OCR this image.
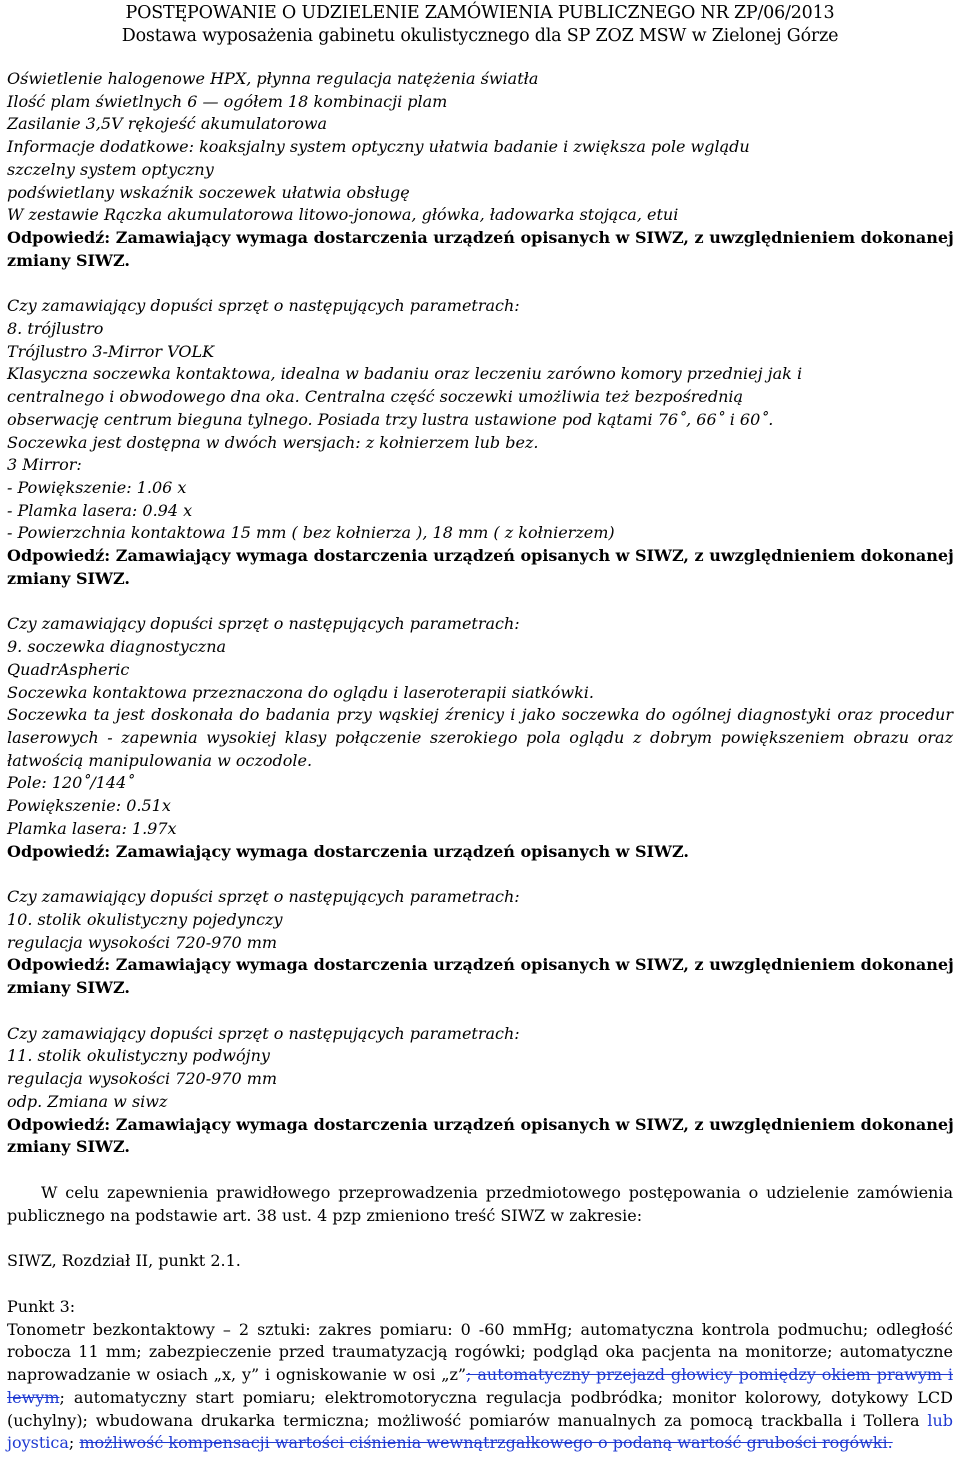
POSTĘPOWANIE O UDZIELENIE ZAMÓWIENIA PUBLICZNEGO NR ZP/06/2013
Dostawa wyposażenia gabinetu okulistycznego dla SP ZOZ MSW w Zielonej Górze
Oświetlenie halogenowe HPX, płynna regulacja natężenia światła
Ilość plam świetlnych 6 — ogółem 18 kombinacji plam
Zasilanie 3,5V rękojeść akumulatorowa
Informacje dodatkowe: koaksjalny system optyczny ułatwia badanie i zwiększa pole wglądu
szczelny system optyczny
podświetlany wskaźnik soczewek ułatwia obsługę
W zestawie Rączka akumulatorowa litowo-jonowa, główka, ładowarka stojąca, etui
Odpowiedź: Zamawiający wymaga dostarczenia urządzeń opisanych w SIWZ, z uwzględnieniem dokonanej
zmiany SIWZ.
Czy zamawiający dopuści sprzęt o następujących parametrach:
8. trójlustro
Trójlustro 3-Mirror VOLK
Klasyczna soczewka kontaktowa, idealna w badaniu oraz leczeniu zarówno komory przedniej jak i
centralnego i obwodowego dna oka. Centralna część soczewki umożliwia też bezpośrednią
obserwację centrum bieguna tylnego. Posiada trzy lustra ustawione pod kątami 76˚, 66˚ i 60˚.
Soczewka jest dostępna w dwóch wersjach: z kołnierzem lub bez.
3 Mirror:
- Powiększenie: 1.06 x
- Plamka lasera: 0.94 x
- Powierzchnia kontaktowa 15 mm ( bez kołnierza ), 18 mm ( z kołnierzem)
Odpowiedź: Zamawiający wymaga dostarczenia urządzeń opisanych w SIWZ, z uwzględnieniem dokonanej
zmiany SIWZ.
Czy zamawiający dopuści sprzęt o następujących parametrach:
9. soczewka diagnostyczna
QuadrAspheric
Soczewka kontaktowa przeznaczona do oglądu i laseroterapii siatkówki.
Soczewka ta jest doskonała do badania przy wąskiej źrenicy i jako soczewka do ogólnej diagnostyki oraz procedur laserowych - zapewnia wysokiej klasy połączenie szerokiego pola oglądu z dobrym powiększeniem obrazu oraz łatwością manipulowania w oczodole.
Pole: 120˚/144˚
Powiększenie: 0.51x
Plamka lasera: 1.97x
Odpowiedź: Zamawiający wymaga dostarczenia urządzeń opisanych w SIWZ.
Czy zamawiający dopuści sprzęt o następujących parametrach:
10. stolik okulistyczny pojedynczy
regulacja wysokości 720-970 mm
Odpowiedź: Zamawiający wymaga dostarczenia urządzeń opisanych w SIWZ, z uwzględnieniem dokonanej
zmiany SIWZ.
Czy zamawiający dopuści sprzęt o następujących parametrach:
11. stolik okulistyczny podwójny
regulacja wysokości 720-970 mm
odp. Zmiana w siwz
Odpowiedź: Zamawiający wymaga dostarczenia urządzeń opisanych w SIWZ, z uwzględnieniem dokonanej
zmiany SIWZ.
W celu zapewnienia prawidłowego przeprowadzenia przedmiotowego postępowania o udzielenie zamówienia publicznego na podstawie art. 38 ust. 4 pzp zmieniono treść SIWZ w zakresie:
SIWZ, Rozdział II, punkt 2.1.
Punkt 3:
Tonometr bezkontaktowy – 2 sztuki: zakres pomiaru: 0 -60 mmHg; automatyczna kontrola podmuchu; odległość robocza 11 mm; zabezpieczenie przed traumatyzacją rogówki; podgląd oka pacjenta na monitorze; automatyczne naprowadzanie w osiach „x, y” i ogniskowanie w osi „z”; automatyczny przejazd głowicy pomiędzy okiem prawym i lewym; automatyczny start pomiaru; elektromotoryczna regulacja podbródka; monitor kolorowy, dotykowy LCD (uchylny); wbudowana drukarka termiczna; możliwość pomiarów manualnych za pomocą trackballa i Tollera lub joystica; możliwość kompensacji wartości ciśnienia wewnątrzgałkowego o podaną wartość grubości rogówki.
